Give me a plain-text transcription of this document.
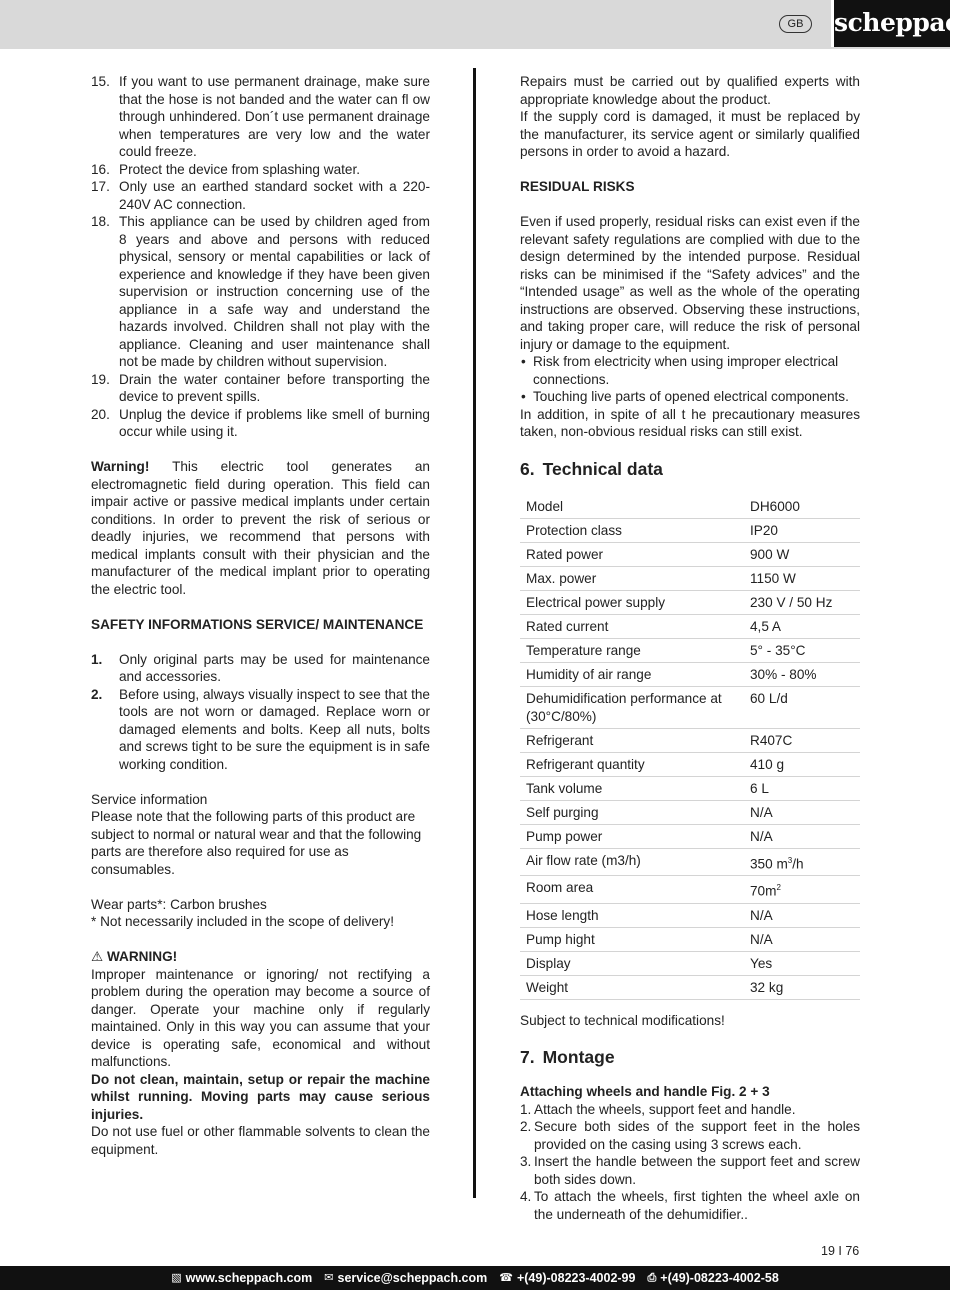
GB	scheppach
15. If you want to use permanent drainage, make sure that the hose is not banded and the water can fl ow through unhindered. Don´t use permanent drainage when temperatures are very low and the water could freeze.
16. Protect the device from splashing water.
17. Only use an earthed standard socket with a 220-240V AC connection.
18. This appliance can be used by children aged from 8 years and above and persons with reduced physical, sensory or mental capabilities or lack of experience and knowledge if they have been given supervision or instruction concerning use of the appliance in a safe way and understand the hazards involved. Children shall not play with the appliance. Cleaning and user maintenance shall not be made by children without supervision.
19. Drain the water container before transporting the device to prevent spills.
20. Unplug the device if problems like smell of burning occur while using it.

Warning! This electric tool generates an electromagnetic field during operation. This field can impair active or passive medical implants under certain conditions. In order to prevent the risk of serious or deadly injuries, we recommend that persons with medical implants consult with their physician and the manufacturer of the medical implant prior to operating the electric tool.

SAFETY INFORMATIONS SERVICE/ MAINTENANCE

1.	Only original parts may be used for maintenance and accessories.
2.	Before using, always visually inspect to see that the tools are not worn or damaged. Replace worn or damaged elements and bolts. Keep all nuts, bolts and screws tight to be sure the equipment is in safe working condition.

Service information

Please note that the following parts of this product are subject to normal or natural wear and that the following parts are therefore also required for use as consumables.

Wear parts*: Carbon brushes

* Not necessarily included in the scope of delivery!

⚠ WARNING!

Improper maintenance or ignoring/ not rectifying a problem during the operation may become a source of danger. Operate your machine only if regularly maintained. Only in this way you can assume that your device is operating safe, economical and without malfunctions.

Do not clean, maintain, setup or repair the machine whilst running. Moving parts may cause serious injuries.

Do not use fuel or other flammable solvents to clean the equipment.

Repairs must be carried out by qualified experts with appropriate knowledge about the product.

If the supply cord is damaged, it must be replaced by the manufacturer, its service agent or similarly qualified persons in order to avoid a hazard.

RESIDUAL RISKS

Even if used properly, residual risks can exist even if the relevant safety regulations are complied with due to the design determined by the intended purpose. Residual risks can be minimised if the “Safety advices” and the “Intended usage” as well as the whole of the operating instructions are observed. Observing these instructions, and taking proper care, will reduce the risk of personal injury or damage to the equipment.

• Risk from electricity when using improper electrical connections.
• Touching live parts of opened electrical components.

In addition, in spite of all t he precautionary measures taken, non-obvious residual risks can still exist.

6. Technical data
Model	DH6000
Protection class	IP20
Rated power	900 W
Max. power	1150 W
Electrical power supply	230 V / 50 Hz
Rated current	4,5 A
Temperature range	5° - 35°C
Humidity of air range	30% - 80%
Dehumidification performance at (30°C/80%)	60 L/d
Refrigerant	R407C
Refrigerant quantity	410 g
Tank volume	6 L
Self purging	N/A
Pump power	N/A
Air flow rate (m3/h)	350 $m^3/h$
Room area	$70m^2$
Hose length	N/A
Pump hight	N/A
Display	Yes
Weight	32 kg

Subject to technical modifications!

7. Montage

Attaching wheels and handle Fig. 2 + 3

1. Attach the wheels, support feet and handle.
2. Secure both sides of the support feet in the holes provided on the casing using 3 screws each.
3. Insert the handle between the support feet and screw both sides down.
4. To attach the wheels, first tighten the wheel axle on the underneath of the dehumidifier..
19 I 76
▧ www.scheppach.com ✉ service@scheppach.com ☎ +(49)-08223-4002-99 ⎙ +(49)-08223-4002-58
